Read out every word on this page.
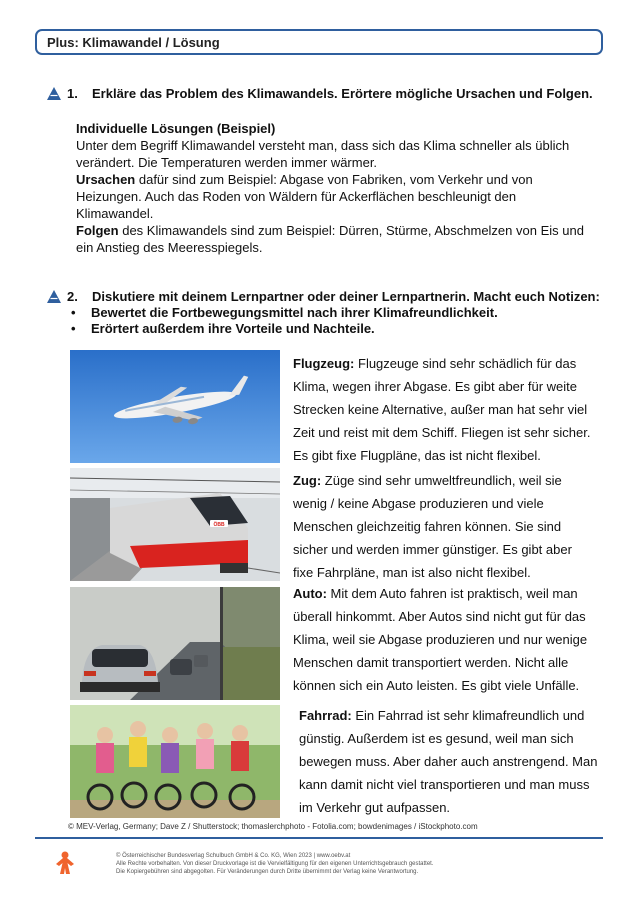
Plus: Klimawandel / Lösung
1. Erkläre das Problem des Klimawandels. Erörtere mögliche Ursachen und Folgen.

Individuelle Lösungen (Beispiel)

Unter dem Begriff Klimawandel versteht man, dass sich das Klima schneller als üblich verändert. Die Temperaturen werden immer wärmer.

Ursachen dafür sind zum Beispiel: Abgase von Fabriken, vom Verkehr und von Heizungen. Auch das Roden von Wäldern für Ackerflächen beschleunigt den Klimawandel.

Folgen des Klimawandels sind zum Beispiel: Dürren, Stürme, Abschmelzen von Eis und ein Anstieg des Meeresspiegels.

2. Diskutiere mit deinem Lernpartner oder deiner Lernpartnerin. Macht euch Notizen:
• Bewertet die Fortbewegungsmittel nach ihrer Klimafreundlichkeit.
• Erörtert außerdem ihre Vorteile und Nachteile.
ÖBB
Flugzeug: Flugzeuge sind sehr schädlich für das Klima, wegen ihrer Abgase. Es gibt aber für weite Strecken keine Alternative, außer man hat sehr viel Zeit und reist mit dem Schiff. Fliegen ist sehr sicher. Es gibt fixe Flugpläne, das ist nicht flexibel.
Zug: Züge sind sehr umweltfreundlich, weil sie wenig / keine Abgase produzieren und viele Menschen gleichzeitig fahren können. Sie sind sicher und werden immer günstiger. Es gibt aber fixe Fahrpläne, man ist also nicht flexibel.
Auto: Mit dem Auto fahren ist praktisch, weil man überall hinkommt. Aber Autos sind nicht gut für das Klima, weil sie Abgase produzieren und nur wenige Menschen damit transportiert werden. Nicht alle können sich ein Auto leisten. Es gibt viele Unfälle.
Fahrrad: Ein Fahrrad ist sehr klimafreundlich und günstig. Außerdem ist es gesund, weil man sich bewegen muss. Aber daher auch anstrengend. Man kann damit nicht viel transportieren und man muss im Verkehr gut aufpassen.
© MEV-Verlag, Germany; Dave Z / Shutterstock; thomaslerchphoto - Fotolia.com; bowdenimages / iStockphoto.com
© Österreichischer Bundesverlag Schulbuch GmbH & Co. KG, Wien 2023 | www.oebv.at
Alle Rechte vorbehalten. Von dieser Druckvorlage ist die Vervielfältigung für den eigenen Unterrichtsgebrauch gestattet.
Die Kopiergebühren sind abgegolten. Für Veränderungen durch Dritte übernimmt der Verlag keine Verantwortung.
